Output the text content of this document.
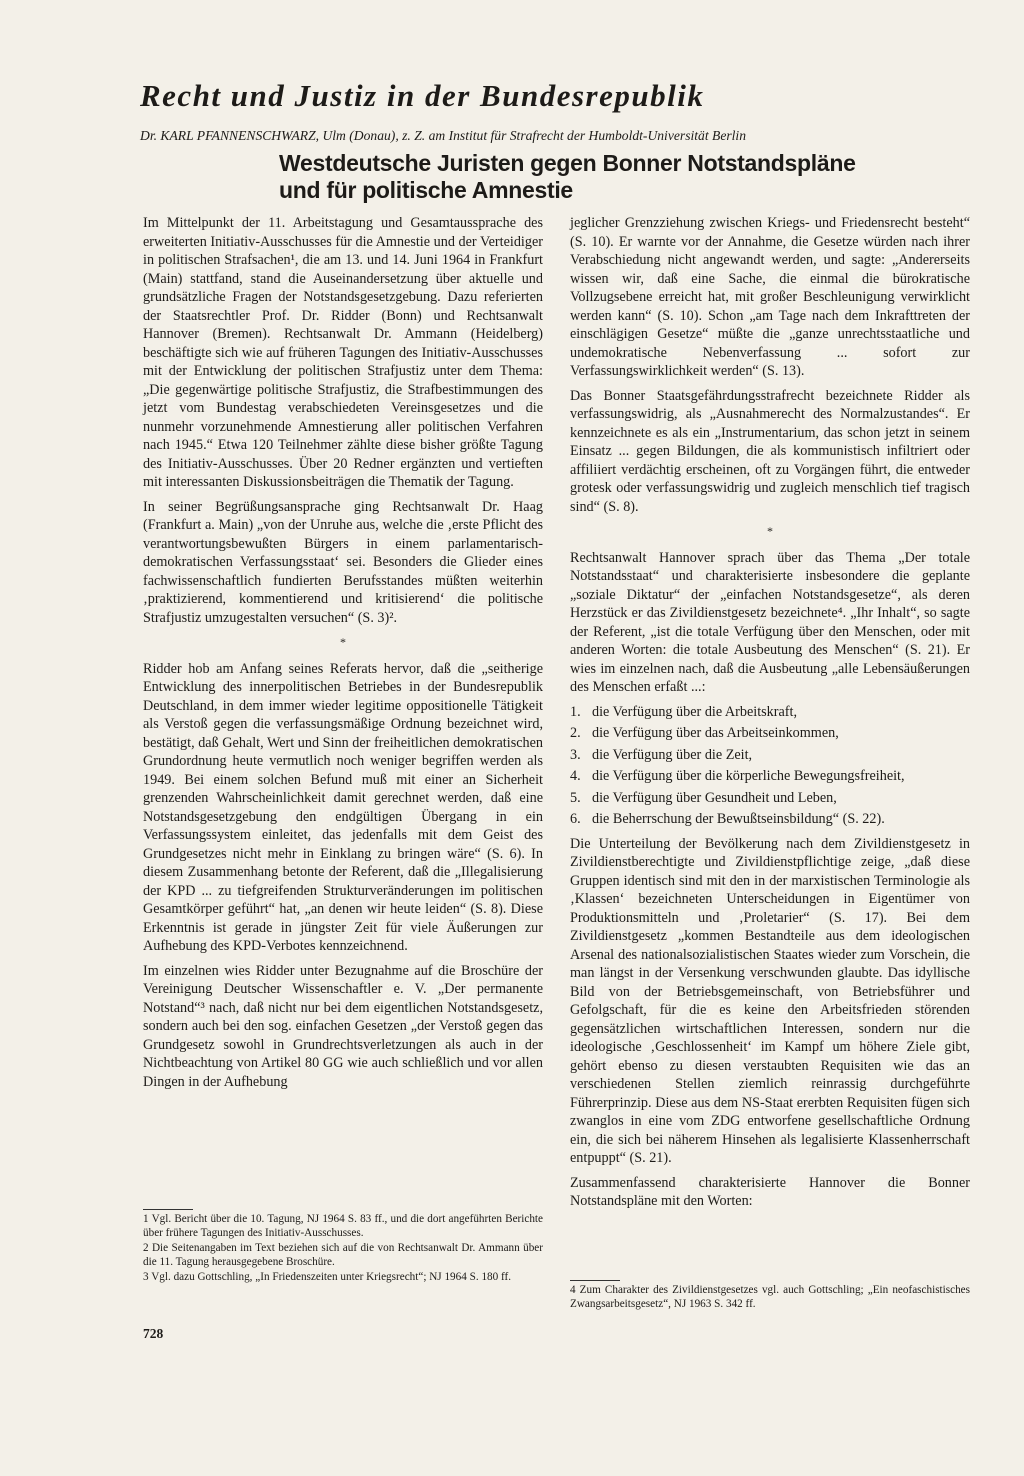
Recht und Justiz in der Bundesrepublik
Dr. KARL PFANNENSCHWARZ, Ulm (Donau), z. Z. am Institut für Strafrecht der Humboldt-Universität Berlin
Westdeutsche Juristen gegen Bonner Notstandspläne
und für politische Amnestie

Im Mittelpunkt der 11. Arbeitstagung und Gesamtaussprache des erweiterten Initiativ-Ausschusses für die Amnestie und der Verteidiger in politischen Strafsachen¹, die am 13. und 14. Juni 1964 in Frankfurt (Main) stattfand, stand die Auseinandersetzung über aktuelle und grundsätzliche Fragen der Notstandsgesetzgebung. Dazu referierten der Staatsrechtler Prof. Dr. Ridder (Bonn) und Rechtsanwalt Hannover (Bremen). Rechtsanwalt Dr. Ammann (Heidelberg) beschäftigte sich wie auf früheren Tagungen des Initiativ-Ausschusses mit der Entwicklung der politischen Strafjustiz unter dem Thema: „Die gegenwärtige politische Strafjustiz, die Strafbestimmungen des jetzt vom Bundestag verabschiedeten Vereinsgesetzes und die nunmehr vorzunehmende Amnestierung aller politischen Verfahren nach 1945.“ Etwa 120 Teilnehmer zählte diese bisher größte Tagung des Initiativ-Ausschusses. Über 20 Redner ergänzten und vertieften mit interessanten Diskussionsbeiträgen die Thematik der Tagung.

In seiner Begrüßungsansprache ging Rechtsanwalt Dr. Haag (Frankfurt a. Main) „von der Unruhe aus, welche die ‚erste Pflicht des verantwortungsbewußten Bürgers in einem parlamentarisch-demokratischen Verfassungsstaat‘ sei. Besonders die Glieder eines fachwissenschaftlich fundierten Berufsstandes müßten weiterhin ‚praktizierend, kommentierend und kritisierend‘ die politische Strafjustiz umzugestalten versuchen“ (S. 3)².

*

Ridder hob am Anfang seines Referats hervor, daß die „seitherige Entwicklung des innerpolitischen Betriebes in der Bundesrepublik Deutschland, in dem immer wieder legitime oppositionelle Tätigkeit als Verstoß gegen die verfassungsmäßige Ordnung bezeichnet wird, bestätigt, daß Gehalt, Wert und Sinn der freiheitlichen demokratischen Grundordnung heute vermutlich noch weniger begriffen werden als 1949. Bei einem solchen Befund muß mit einer an Sicherheit grenzenden Wahrscheinlichkeit damit gerechnet werden, daß eine Notstandsgesetzgebung den endgültigen Übergang in ein Verfassungssystem einleitet, das jedenfalls mit dem Geist des Grundgesetzes nicht mehr in Einklang zu bringen wäre“ (S. 6). In diesem Zusammenhang betonte der Referent, daß die „Illegalisierung der KPD ... zu tiefgreifenden Strukturveränderungen im politischen Gesamtkörper geführt“ hat, „an denen wir heute leiden“ (S. 8). Diese Erkenntnis ist gerade in jüngster Zeit für viele Äußerungen zur Aufhebung des KPD-Verbotes kennzeichnend.

Im einzelnen wies Ridder unter Bezugnahme auf die Broschüre der Vereinigung Deutscher Wissenschaftler e. V. „Der permanente Notstand“³ nach, daß nicht nur bei dem eigentlichen Notstandsgesetz, sondern auch bei den sog. einfachen Gesetzen „der Verstoß gegen das Grundgesetz sowohl in Grundrechtsverletzungen als auch in der Nichtbeachtung von Artikel 80 GG wie auch schließlich und vor allen Dingen in der Aufhebung

jeglicher Grenzziehung zwischen Kriegs- und Friedensrecht besteht“ (S. 10). Er warnte vor der Annahme, die Gesetze würden nach ihrer Verabschiedung nicht angewandt werden, und sagte: „Andererseits wissen wir, daß eine Sache, die einmal die bürokratische Vollzugsebene erreicht hat, mit großer Beschleunigung verwirklicht werden kann“ (S. 10). Schon „am Tage nach dem Inkrafttreten der einschlägigen Gesetze“ müßte die „ganze unrechtsstaatliche und undemokratische Nebenverfassung ... sofort zur Verfassungswirklichkeit werden“ (S. 13).

Das Bonner Staatsgefährdungsstrafrecht bezeichnete Ridder als verfassungswidrig, als „Ausnahmerecht des Normalzustandes“. Er kennzeichnete es als ein „Instrumentarium, das schon jetzt in seinem Einsatz ... gegen Bildungen, die als kommunistisch infiltriert oder affiliiert verdächtig erscheinen, oft zu Vorgängen führt, die entweder grotesk oder verfassungswidrig und zugleich menschlich tief tragisch sind“ (S. 8).

*

Rechtsanwalt Hannover sprach über das Thema „Der totale Notstandsstaat“ und charakterisierte insbesondere die geplante „soziale Diktatur“ der „einfachen Notstandsgesetze“, als deren Herzstück er das Zivildienstgesetz bezeichnete⁴. „Ihr Inhalt“, so sagte der Referent, „ist die totale Verfügung über den Menschen, oder mit anderen Worten: die totale Ausbeutung des Menschen“ (S. 21). Er wies im einzelnen nach, daß die Ausbeutung „alle Lebensäußerungen des Menschen erfaßt ...:

1. die Verfügung über die Arbeitskraft,
2. die Verfügung über das Arbeitseinkommen,
3. die Verfügung über die Zeit,
4. die Verfügung über die körperliche Bewegungsfreiheit,
5. die Verfügung über Gesundheit und Leben,
6. die Beherrschung der Bewußtseinsbildung“ (S. 22).

Die Unterteilung der Bevölkerung nach dem Zivildienstgesetz in Zivildienstberechtigte und Zivildienstpflichtige zeige, „daß diese Gruppen identisch sind mit den in der marxistischen Terminologie als ‚Klassen‘ bezeichneten Unterscheidungen in Eigentümer von Produktionsmitteln und ‚Proletarier“ (S. 17). Bei dem Zivildienstgesetz „kommen Bestandteile aus dem ideologischen Arsenal des nationalsozialistischen Staates wieder zum Vorschein, die man längst in der Versenkung verschwunden glaubte. Das idyllische Bild von der Betriebsgemeinschaft, von Betriebsführer und Gefolgschaft, für die es keine den Arbeitsfrieden störenden gegensätzlichen wirtschaftlichen Interessen, sondern nur die ideologische ‚Geschlossenheit‘ im Kampf um höhere Ziele gibt, gehört ebenso zu diesen verstaubten Requisiten wie das an verschiedenen Stellen ziemlich reinrassig durchgeführte Führerprinzip. Diese aus dem NS-Staat ererbten Requisiten fügen sich zwanglos in eine vom ZDG entworfene gesellschaftliche Ordnung ein, die sich bei näherem Hinsehen als legalisierte Klassenherrschaft entpuppt“ (S. 21).

Zusammenfassend charakterisierte Hannover die Bonner Notstandspläne mit den Worten:

1 Vgl. Bericht über die 10. Tagung, NJ 1964 S. 83 ff., und die dort angeführten Berichte über frühere Tagungen des Initiativ-Ausschusses.

2 Die Seitenangaben im Text beziehen sich auf die von Rechtsanwalt Dr. Ammann über die 11. Tagung herausgegebene Broschüre.

3 Vgl. dazu Gottschling, „In Friedenszeiten unter Kriegsrecht“; NJ 1964 S. 180 ff.

4 Zum Charakter des Zivildienstgesetzes vgl. auch Gottschling; „Ein neofaschistisches Zwangsarbeitsgesetz“, NJ 1963 S. 342 ff.

728
